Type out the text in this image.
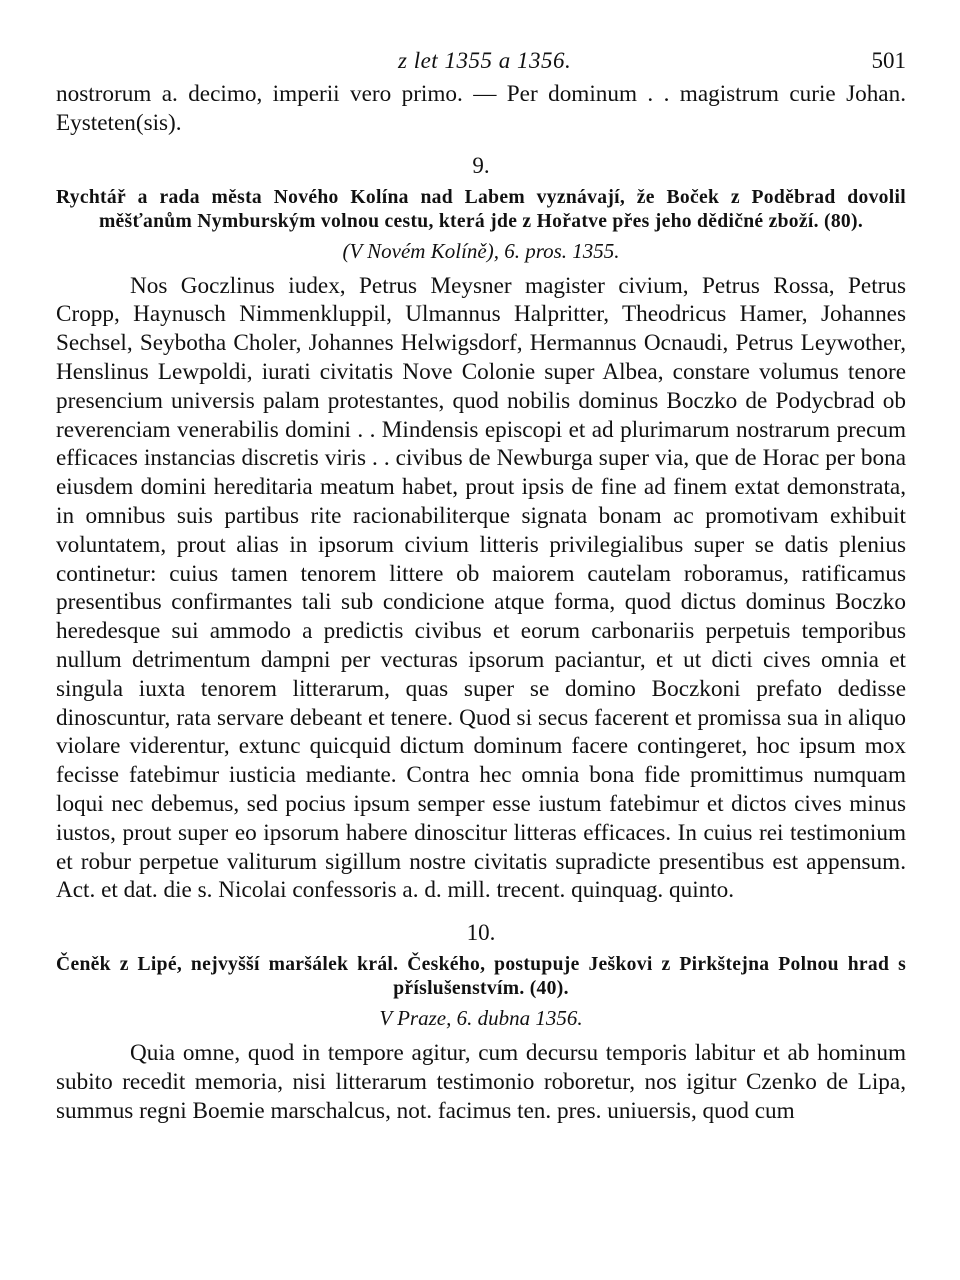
z let 1355 a 1356.	501

nostrorum a. decimo, imperii vero primo. — Per dominum . . magistrum curie Johan. Eysteten(sis).

9.

Rychtář a rada města Nového Kolína nad Labem vyznávají, že Boček z Poděbrad dovolil měšťanům Nymburským volnou cestu, která jde z Hořatve přes jeho dědičné zboží. (80).

(V Novém Kolíně), 6. pros. 1355.

Nos Goczlinus iudex, Petrus Meysner magister civium, Petrus Rossa, Petrus Cropp, Haynusch Nimmenkluppil, Ulmannus Halpritter, Theodricus Hamer, Johannes Sechsel, Seybotha Choler, Johannes Helwigsdorf, Hermannus Ocnaudi, Petrus Leywother, Henslinus Lewpoldi, iurati civitatis Nove Colonie super Albea, constare volumus tenore presencium universis palam protestantes, quod nobilis dominus Boczko de Podycbrad ob reverenciam venerabilis domini . . Mindensis episcopi et ad plurimarum nostrarum precum efficaces instancias discretis viris . . civibus de Newburga super via, que de Horac per bona eiusdem domini hereditaria meatum habet, prout ipsis de fine ad finem extat demonstrata, in omnibus suis partibus rite racionabiliterque signata bonam ac promotivam exhibuit voluntatem, prout alias in ipsorum civium litteris privilegialibus super se datis plenius continetur: cuius tamen tenorem littere ob maiorem cautelam roboramus, ratificamus presentibus confirmantes tali sub condicione atque forma, quod dictus dominus Boczko heredesque sui ammodo a predictis civibus et eorum carbonariis perpetuis temporibus nullum detrimentum dampni per vecturas ipsorum paciantur, et ut dicti cives omnia et singula iuxta tenorem litterarum, quas super se domino Boczkoni prefato dedisse dinoscuntur, rata servare debeant et tenere. Quod si secus facerent et promissa sua in aliquo violare viderentur, extunc quicquid dictum dominum facere contingeret, hoc ipsum mox fecisse fatebimur iusticia mediante. Contra hec omnia bona fide promittimus numquam loqui nec debemus, sed pocius ipsum semper esse iustum fatebimur et dictos cives minus iustos, prout super eo ipsorum habere dinoscitur litteras efficaces. In cuius rei testimonium et robur perpetue valiturum sigillum nostre civitatis supradicte presentibus est appensum. Act. et dat. die s. Nicolai confessoris a. d. mill. trecent. quinquag. quinto.

10.

Čeněk z Lipé, nejvyšší maršálek král. Českého, postupuje Ješkovi z Pirkštejna Polnou hrad s příslušenstvím. (40).

V Praze, 6. dubna 1356.

Quia omne, quod in tempore agitur, cum decursu temporis labitur et ab hominum subito recedit memoria, nisi litterarum testimonio roboretur, nos igitur Czenko de Lipa, summus regni Boemie marschalcus, not. facimus ten. pres. uniuersis, quod cum
